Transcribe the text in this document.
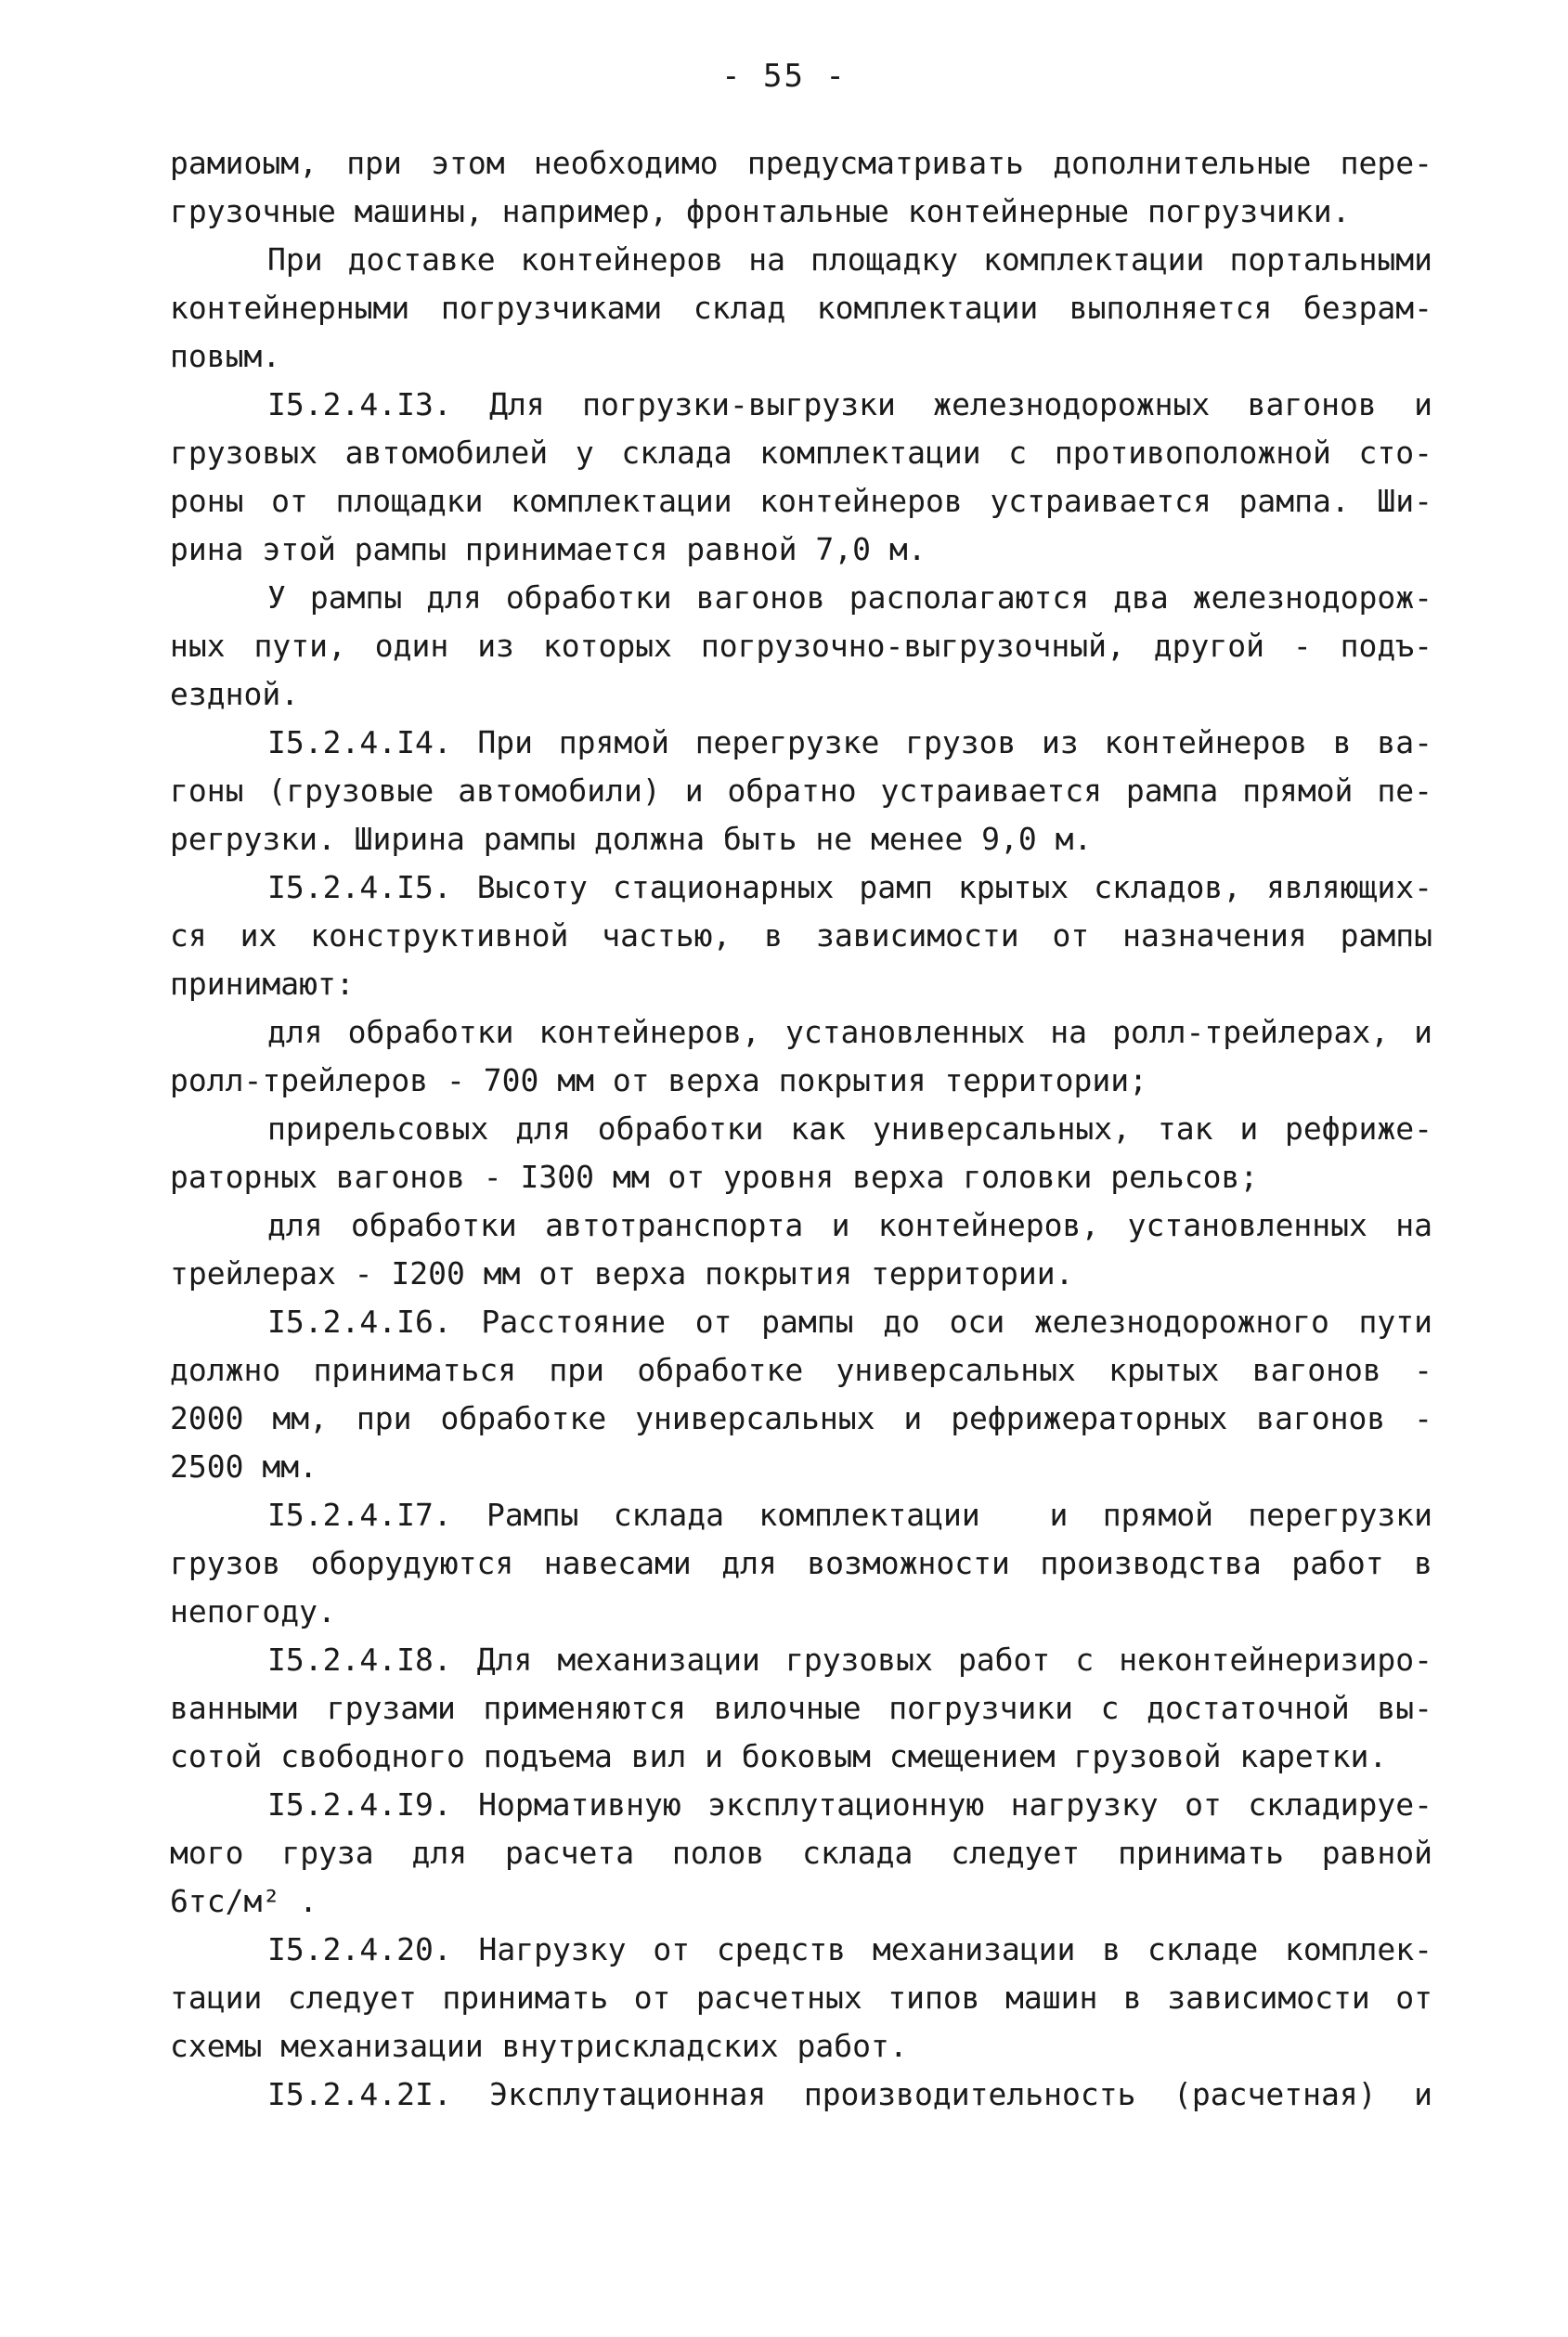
- 55 -
рамиоым, при этом необходимо предусматривать дополнительные пере-
грузочные машины, например, фронтальные контейнерные погрузчики.
При доставке контейнеров на площадку комплектации портальными
контейнерными погрузчиками склад комплектации выполняется безрам-
повым.
I5.2.4.I3. Для погрузки-выгрузки железнодорожных вагонов и
грузовых автомобилей у склада комплектации с противоположной сто-
роны от площадки комплектации контейнеров устраивается рампа. Ши-
рина этой рампы принимается равной 7,0 м.
У рампы для обработки вагонов располагаются два железнодорож-
ных пути, один из которых погрузочно-выгрузочный, другой - подъ-
ездной.
I5.2.4.I4. При прямой перегрузке грузов из контейнеров в ва-
гоны (грузовые автомобили) и обратно устраивается рампа прямой пе-
регрузки. Ширина рампы должна быть не менее 9,0 м.
I5.2.4.I5. Высоту стационарных рамп крытых складов, являющих-
ся их конструктивной частью, в зависимости от назначения рампы
принимают:
для обработки контейнеров, установленных на ролл-трейлерах, и
ролл-трейлеров - 700 мм от верха покрытия территории;
прирельсовых для обработки как универсальных, так и рефриже-
раторных вагонов - I300 мм от уровня верха головки рельсов;
для обработки автотранспорта и контейнеров, установленных на
трейлерах - I200 мм от верха покрытия территории.
I5.2.4.I6. Расстояние от рампы до оси железнодорожного пути
должно приниматься при обработке универсальных крытых вагонов -
2000 мм, при обработке универсальных и рефрижераторных вагонов -
2500 мм.
I5.2.4.I7. Рампы склада комплектации  и прямой перегрузки
грузов оборудуются навесами для возможности производства работ в
непогоду.
I5.2.4.I8. Для механизации грузовых работ с неконтейнеризиро-
ванными грузами применяются вилочные погрузчики с достаточной вы-
сотой свободного подъема вил и боковым смещением грузовой каретки.
I5.2.4.I9. Нормативную эксплутационную нагрузку от складируе-
мого груза для расчета полов склада следует принимать равной
6тс/м² .
I5.2.4.20. Нагрузку от средств механизации в складе комплек-
тации следует принимать от расчетных типов машин в зависимости от
схемы механизации внутрискладских работ.
I5.2.4.2I. Эксплутационная производительность (расчетная) и
